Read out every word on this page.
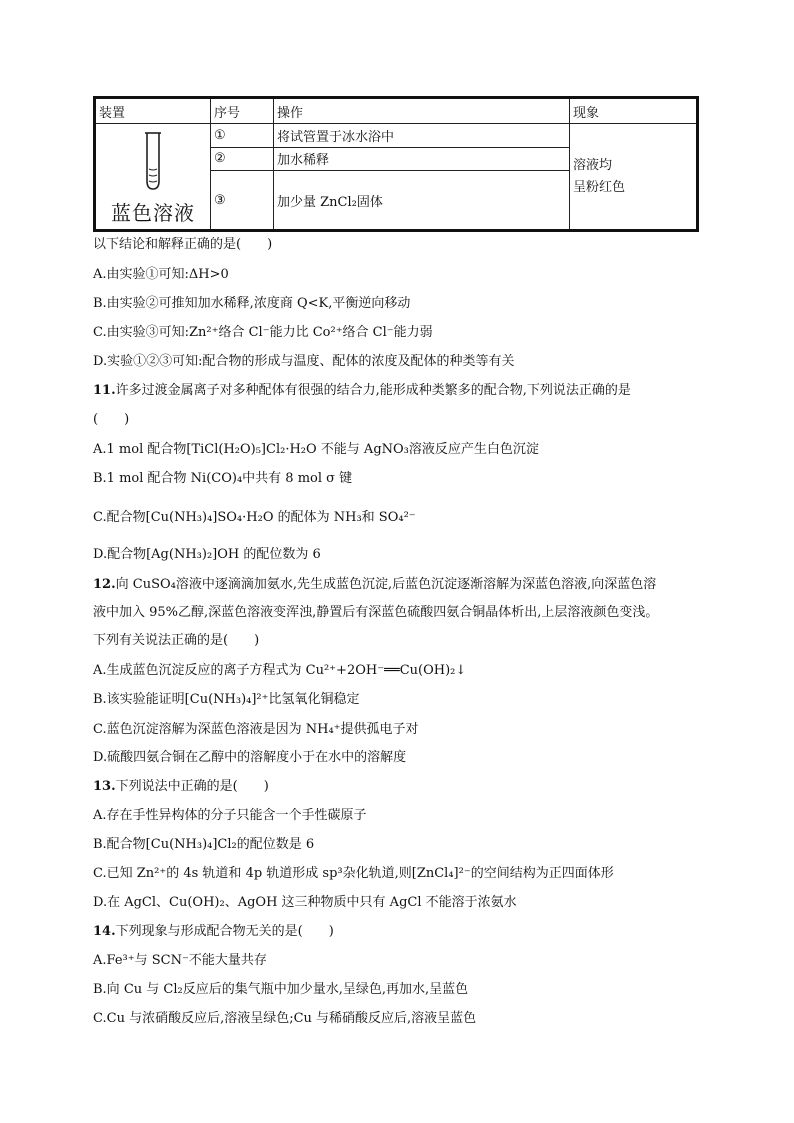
装置	序号	操作	现象

蓝色溶液	①	将试管置于冰水浴中	溶液均
呈粉红色

	②	加水稀释	
	③	加少量 ZnCl₂固体	
以下结论和解释正确的是(　　)
A.由实验①可知:ΔH>0
B.由实验②可推知加水稀释,浓度商 Q<K,平衡逆向移动
C.由实验③可知:Zn²⁺络合 Cl⁻能力比 Co²⁺络合 Cl⁻能力弱
D.实验①②③可知:配合物的形成与温度、配体的浓度及配体的种类等有关
11.许多过渡金属离子对多种配体有很强的结合力,能形成种类繁多的配合物,下列说法正确的是
(　　)
A.1 mol 配合物[TiCl(H₂O)₅]Cl₂·H₂O 不能与 AgNO₃溶液反应产生白色沉淀
B.1 mol 配合物 Ni(CO)₄中共有 8 mol σ 键
C.配合物[Cu(NH₃)₄]SO₄·H₂O 的配体为 NH₃和 SO₄²⁻
D.配合物[Ag(NH₃)₂]OH 的配位数为 6
12.向 CuSO₄溶液中逐滴滴加氨水,先生成蓝色沉淀,后蓝色沉淀逐渐溶解为深蓝色溶液,向深蓝色溶
液中加入 95%乙醇,深蓝色溶液变浑浊,静置后有深蓝色硫酸四氨合铜晶体析出,上层溶液颜色变浅。
下列有关说法正确的是(　　)
A.生成蓝色沉淀反应的离子方程式为 Cu²⁺+2OH⁻══Cu(OH)₂↓
B.该实验能证明[Cu(NH₃)₄]²⁺比氢氧化铜稳定
C.蓝色沉淀溶解为深蓝色溶液是因为 NH₄⁺提供孤电子对
D.硫酸四氨合铜在乙醇中的溶解度小于在水中的溶解度
13.下列说法中正确的是(　　)
A.存在手性异构体的分子只能含一个手性碳原子
B.配合物[Cu(NH₃)₄]Cl₂的配位数是 6
C.已知 Zn²⁺的 4s 轨道和 4p 轨道形成 sp³杂化轨道,则[ZnCl₄]²⁻的空间结构为正四面体形
D.在 AgCl、Cu(OH)₂、AgOH 这三种物质中只有 AgCl 不能溶于浓氨水
14.下列现象与形成配合物无关的是(　　)
A.Fe³⁺与 SCN⁻不能大量共存
B.向 Cu 与 Cl₂反应后的集气瓶中加少量水,呈绿色,再加水,呈蓝色
C.Cu 与浓硝酸反应后,溶液呈绿色;Cu 与稀硝酸反应后,溶液呈蓝色
